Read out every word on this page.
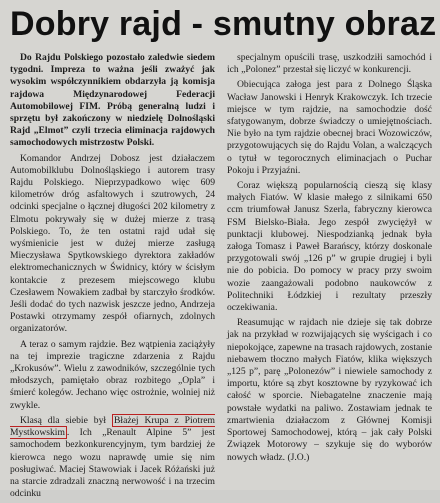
Dobry rajd - smutny obraz

Do Rajdu Polskiego pozostało zaledwie siedem tygodni. Impreza to ważna jeśli zważyć jak wysokim współczynnikiem obdarzyła ją komisja rajdowa Międzynarodowej Federacji Automobilowej FIM. Próbą generalną ludzi i sprzętu był zakończony w niedzielę Dolnośląski Rajd „Elmot” czyli trzecia eliminacja rajdowych samochodowych mistrzostw Polski.

Komandor Andrzej Dobosz jest działaczem Automobilklubu Dolnośląskiego i autorem trasy Rajdu Polskiego. Nieprzypadkowo więc 609 kilometrów dróg asfaltowych i szutrowych, 24 odcinki specjalne o łącznej długości 202 kilometry z Elmotu pokrywały się w dużej mierze z trasą Polskiego. To, że ten ostatni rajd udał się wyśmienicie jest w dużej mierze zasługą Mieczysława Spytkowskiego dyrektora zakładów elektromechanicznych w Świdnicy, który w ścisłym kontakcie z prezesem miejscowego klubu Czesławem Nowakiem zadbał by starczyło środków. Jeśli dodać do tych nazwisk jeszcze jedno, Andrzeja Postawki otrzymamy zespół ofiarnych, zdolnych organizatorów.

A teraz o samym rajdzie. Bez wątpienia zaciążyły na tej imprezie tragiczne zdarzenia z Rajdu „Krokusów”. Wielu z zawodników, szczególnie tych młodszych, pamiętało obraz rozbitego „Opla” i śmierć kolegów. Jechano więc ostrożnie, wolniej niż zwykle.

Klasą dla siebie był Błażej Krupa z Piotrem Mystkowskim . Ich „Renault Alpine 5” jest samochodem bezkonkurencyjnym, tym bardziej że kierowca nego wozu naprawdę umie się nim posługiwać. Maciej Stawowiak i Jacek Różański już na starcie zdradzali znaczną nerwowość i na trzecim odcinku

specjalnym opuścili trasę, uszkodziłi samochód i ich „Polonez” przestał się liczyć w konkurencji.

Obiecująca załoga jest para z Dolnego Śląska Wacław Janowski i Henryk Krakowczyk. Ich trzecie miejsce w tym rajdzie, na samochodzie dość sfatygowanym, dobrze świadczy o umiejętnościach. Nie było na tym rajdzie obecnej braci Wozowiczów, przygotowujących się do Rajdu Volan, a walczących o tytuł w tegorocznych eliminacjach o Puchar Pokoju i Przyjaźni.

Coraz większą popularnością cieszą się klasy małych Fiatów. W klasie małego z silnikami 650 ccm triumfował Janusz Szerla, fabryczny kierowca FSM Bielsko-Biała. Jego zespół zwyciężył w punktacji klubowej. Niespodzianką jednak była załoga Tomasz i Paweł Barańscy, którzy doskonale przygotowali swój „126 p” w grupie drugiej i byli nie do pobicia. Do pomocy w pracy przy swoim wozie zaangażowali podobno naukowców z Politechniki Łódzkiej i rezultaty przeszły oczekiwania.

Reasumując w rajdach nie dzieje się tak dobrze jak na przykład w rozwijających się wyścigach i co niepokojące, zapewne na trasach rajdowych, zostanie niebawem tłoczno małych Fiatów, klika większych „125 p”, parę „Polonezów” i niewiele samochody z importu, które są zbyt kosztowne by ryzykować ich całość w sporcie. Niebagatelne znaczenie mają powstałe wydatki na paliwo. Zostawiam jednak te zmartwienia działaczom z Głównej Komisji Sportowej Samochodowej, którą – jak cały Polski Związek Motorowy – szykuje się do wyborów nowych władz. (J.O.)
